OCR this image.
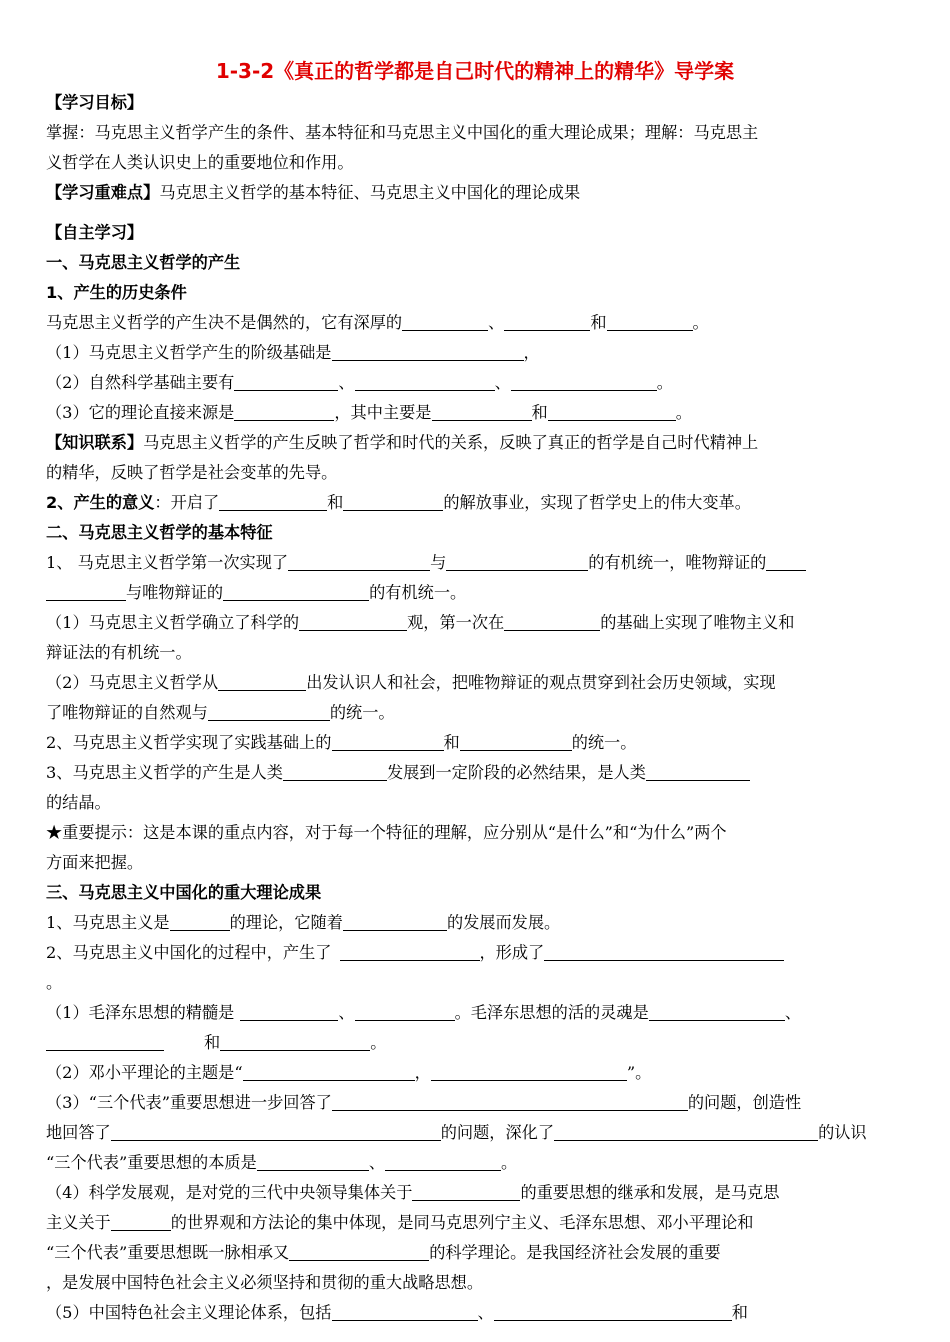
1-3-2《真正的哲学都是自己时代的精神上的精华》导学案
【学习目标】
掌握：马克思主义哲学产生的条件、基本特征和马克思主义中国化的重大理论成果；理解：马克思主
义哲学在人类认识史上的重要地位和作用。
【学习重难点】马克思主义哲学的基本特征、马克思主义中国化的理论成果
【自主学习】
一、马克思主义哲学的产生
1、产生的历史条件
马克思主义哲学的产生决不是偶然的，它有深厚的	、	和	。
（1）马克思主义哲学产生的阶级基础是	，
（2）自然科学基础主要有	、	、	。
（3）它的理论直接来源是	，其中主要是	和	。
【知识联系】马克思主义哲学的产生反映了哲学和时代的关系，反映了真正的哲学是自己时代精神上
的精华，反映了哲学是社会变革的先导。
2、产生的意义：开启了	和	的解放事业，实现了哲学史上的伟大变革。
二、马克思主义哲学的基本特征
1、 马克思主义哲学第一次实现了	与	的有机统一，唯物辩证的
与唯物辩证的	的有机统一。
（1）马克思主义哲学确立了科学的	观，第一次在	的基础上实现了唯物主义和
辩证法的有机统一。
（2）马克思主义哲学从	出发认识人和社会，把唯物辩证的观点贯穿到社会历史领域，实现
了唯物辩证的自然观与	的统一。
2、马克思主义哲学实现了实践基础上的	和	的统一。
3、马克思主义哲学的产生是人类	发展到一定阶段的必然结果，是人类
的结晶。
★重要提示：这是本课的重点内容，对于每一个特征的理解，应分别从“是什么”和“为什么”两个
方面来把握。
三、马克思主义中国化的重大理论成果
1、马克思主义是	的理论，它随着	的发展而发展。
2、马克思主义中国化的过程中，产生了	，形成了
。
（1）毛泽东思想的精髓是	、	。毛泽东思想的活的灵魂是	、
和	。
（2）邓小平理论的主题是“	，	”。
（3）“三个代表”重要思想进一步回答了	的问题，创造性
地回答了	的问题，深化了	的认识
“三个代表”重要思想的本质是	、	。
（4）科学发展观，是对党的三代中央领导集体关于	的重要思想的继承和发展，是马克思
主义关于	的世界观和方法论的集中体现，是同马克思列宁主义、毛泽东思想、邓小平理论和
“三个代表”重要思想既一脉相承又	的科学理论。是我国经济社会发展的重要
，是发展中国特色社会主义必须坚持和贯彻的重大战略思想。
（5）中国特色社会主义理论体系，包括	、	和
